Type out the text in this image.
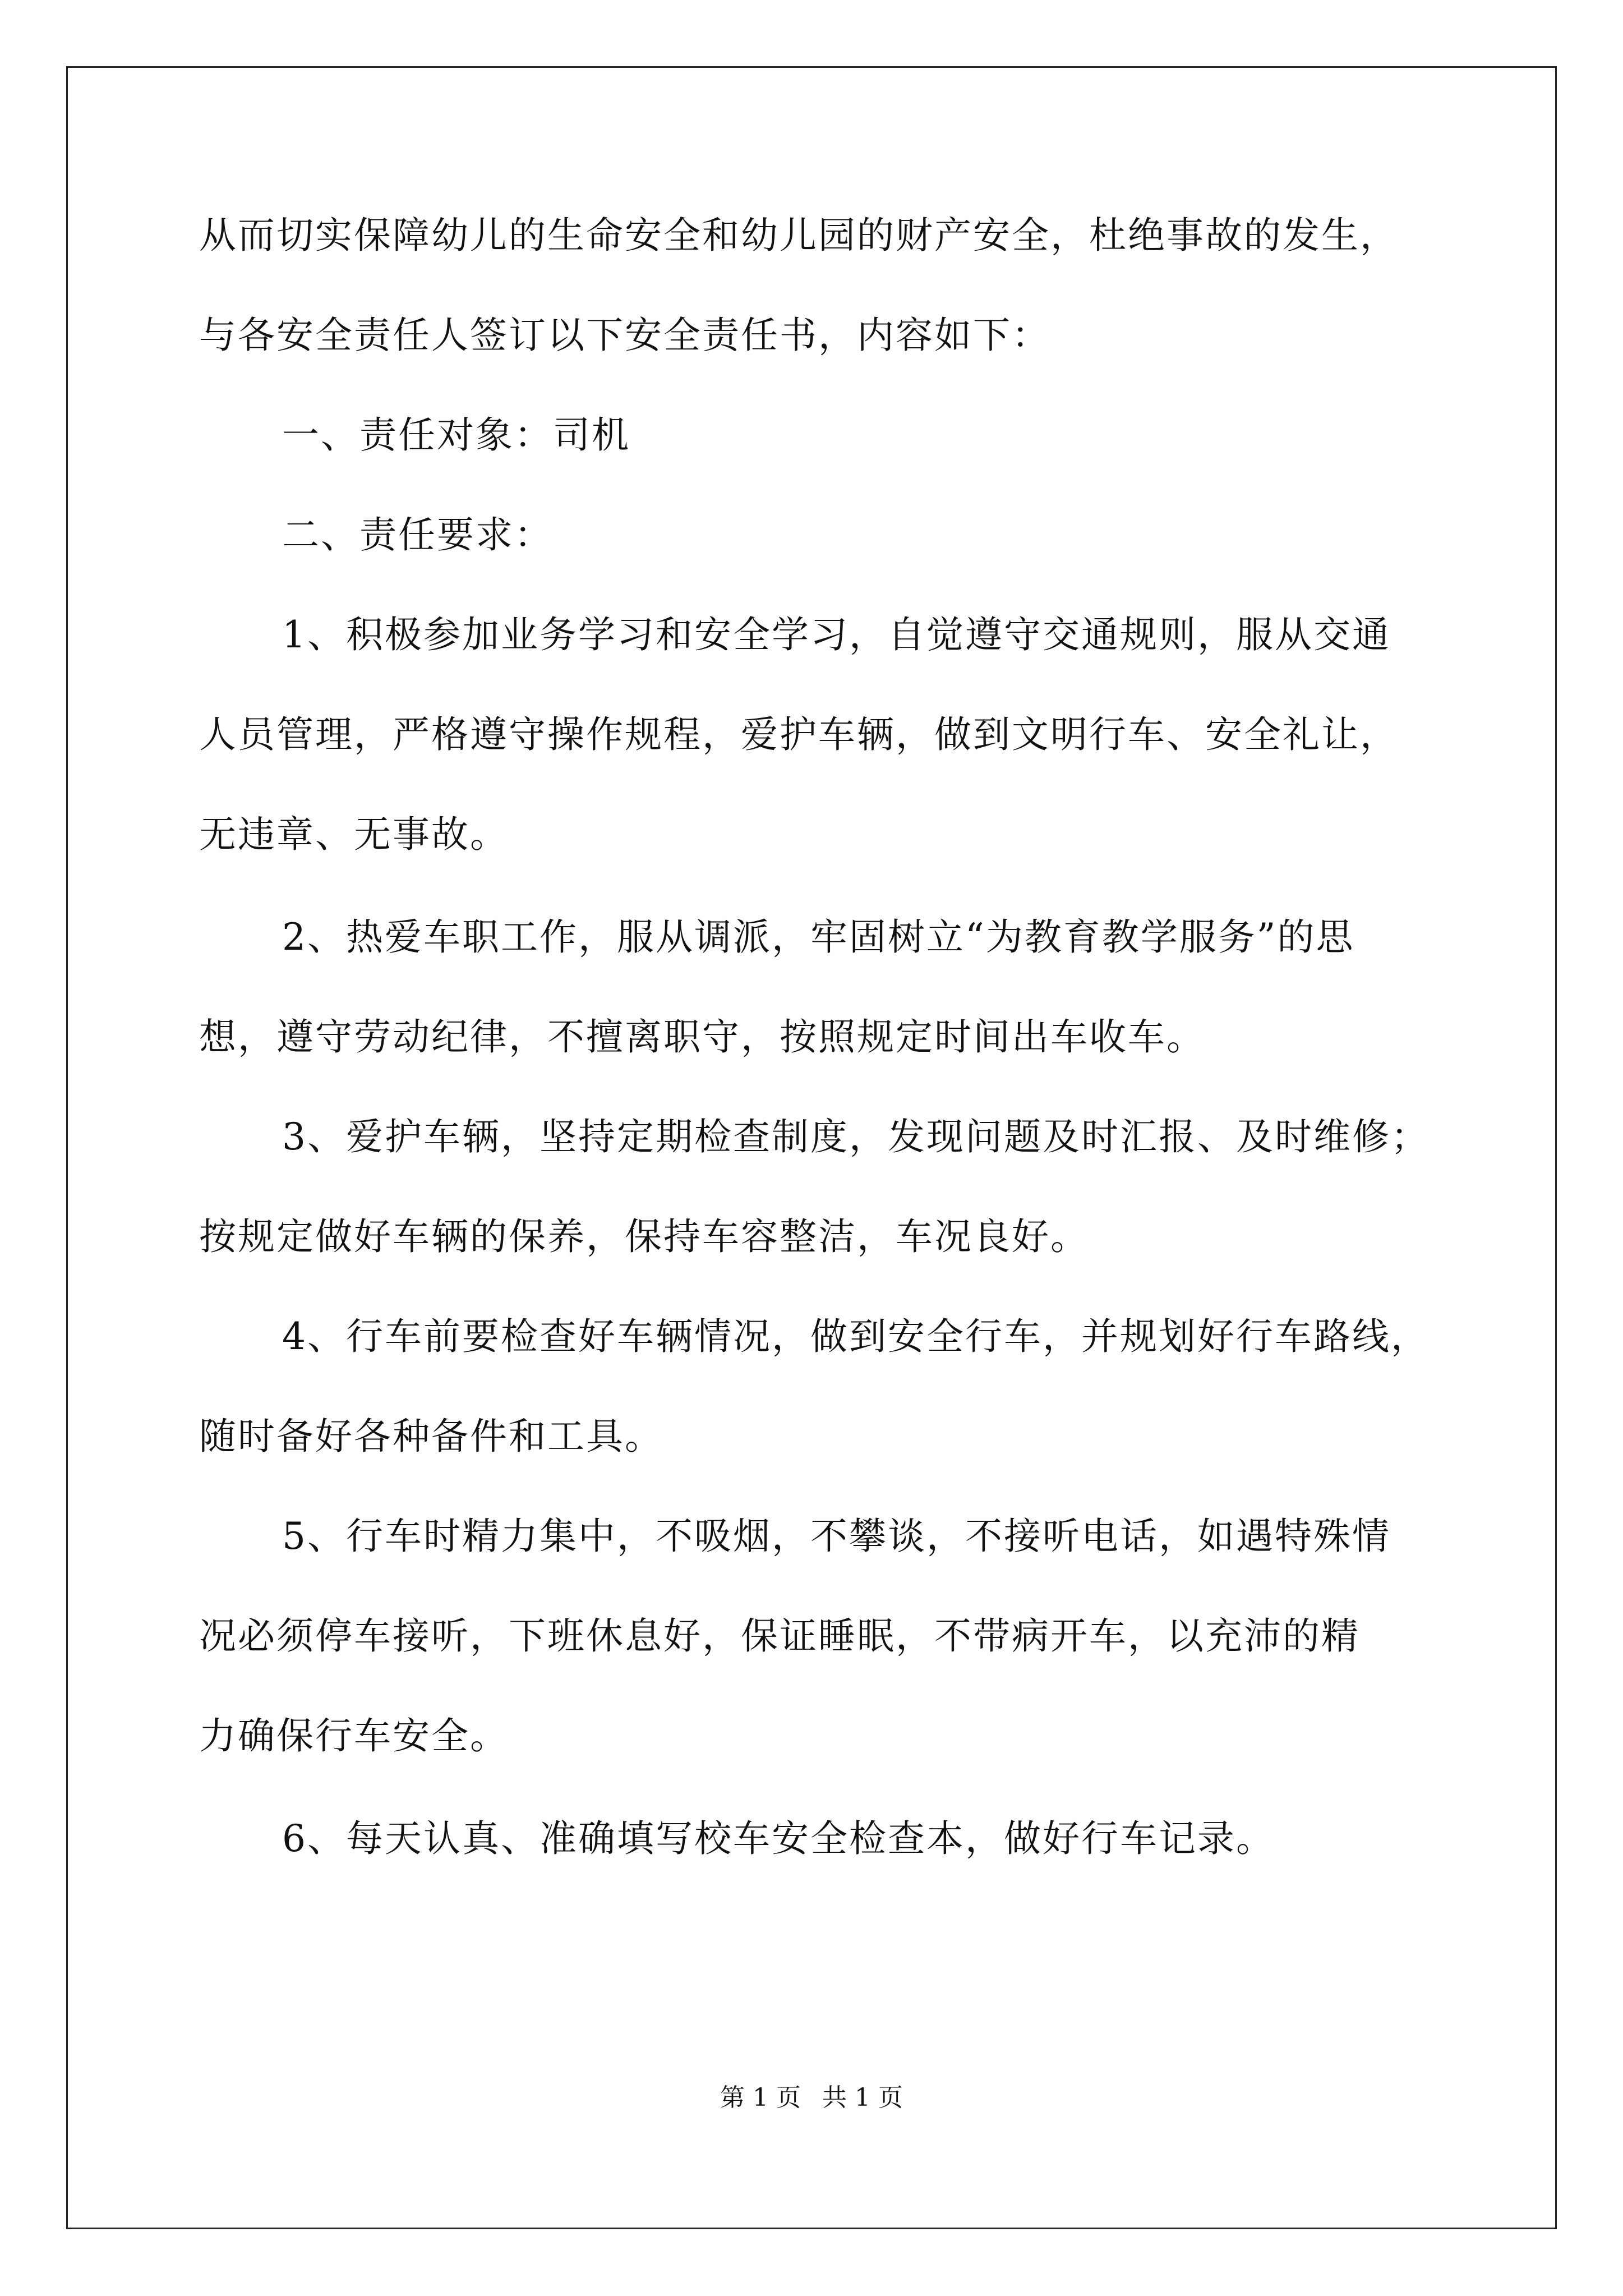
从而切实保障幼儿的生命安全和幼儿园的财产安全，杜绝事故的发生，
与各安全责任人签订以下安全责任书，内容如下：
一、责任对象：司机
二、责任要求：
1、积极参加业务学习和安全学习，自觉遵守交通规则，服从交通
人员管理，严格遵守操作规程，爱护车辆，做到文明行车、安全礼让，
无违章、无事故。
2、热爱车职工作，服从调派，牢固树立“为教育教学服务”的思
想，遵守劳动纪律，不擅离职守，按照规定时间出车收车。
3、爱护车辆，坚持定期检查制度，发现问题及时汇报、及时维修；
按规定做好车辆的保养，保持车容整洁，车况良好。
4、行车前要检查好车辆情况，做到安全行车，并规划好行车路线，
随时备好各种备件和工具。
5、行车时精力集中，不吸烟，不攀谈，不接听电话，如遇特殊情
况必须停车接听，下班休息好，保证睡眠，不带病开车，以充沛的精
力确保行车安全。
6、每天认真、准确填写校车安全检查本，做好行车记录。
第 1 页 共 1 页
